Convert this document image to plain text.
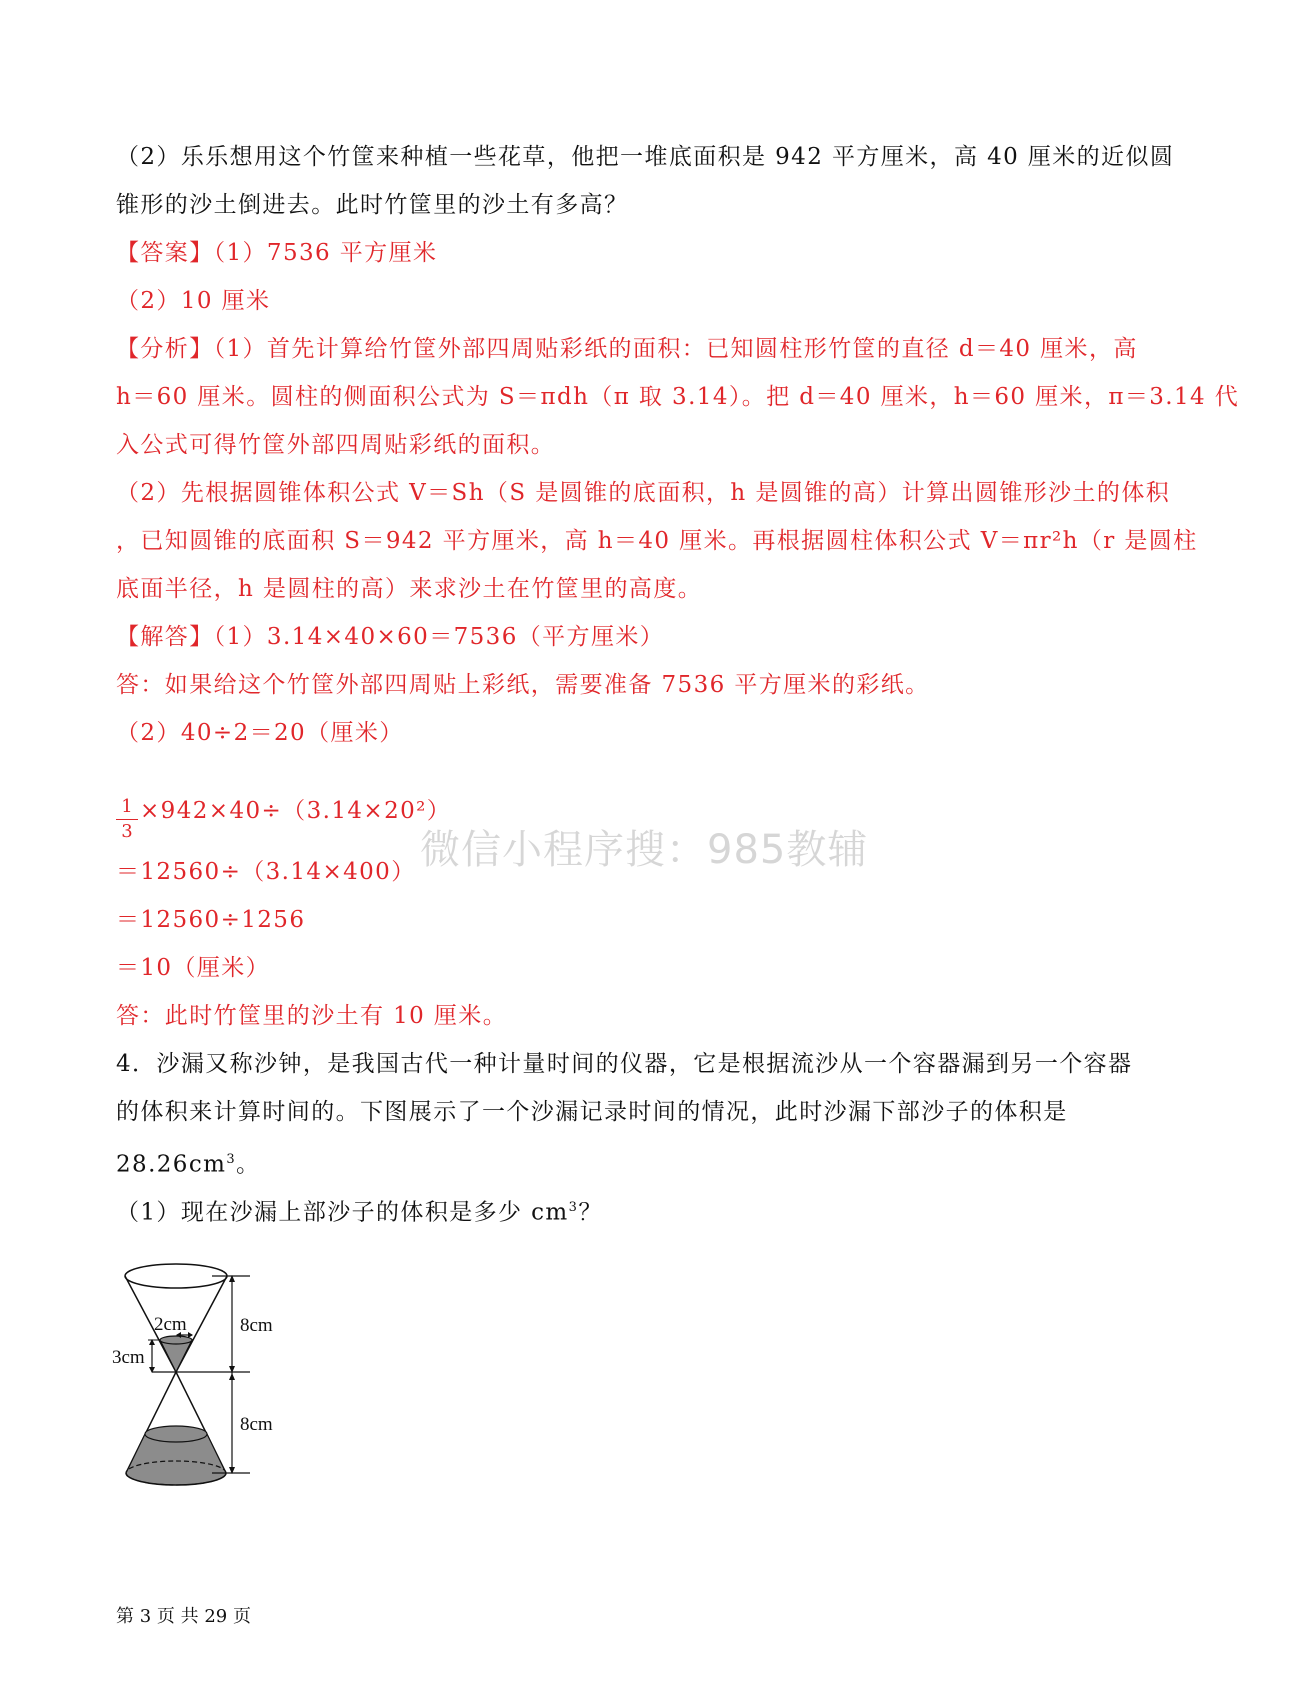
（2）乐乐想用这个竹筐来种植一些花草，他把一堆底面积是 942 平方厘米，高 40 厘米的近似圆
锥形的沙土倒进去。此时竹筐里的沙土有多高？
【答案】（1）7536 平方厘米
（2）10 厘米
【分析】（1）首先计算给竹筐外部四周贴彩纸的面积：已知圆柱形竹筐的直径 d＝40 厘米，高
h＝60 厘米。圆柱的侧面积公式为 S＝πdh（π 取 3.14）。把 d＝40 厘米，h＝60 厘米，π＝3.14 代
入公式可得竹筐外部四周贴彩纸的面积。
（2）先根据圆锥体积公式 V＝Sh（S 是圆锥的底面积，h 是圆锥的高）计算出圆锥形沙土的体积
，已知圆锥的底面积 S＝942 平方厘米，高 h＝40 厘米。再根据圆柱体积公式 V＝πr²h（r 是圆柱
底面半径，h 是圆柱的高）来求沙土在竹筐里的高度。
【解答】（1）3.14×40×60＝7536（平方厘米）
答：如果给这个竹筐外部四周贴上彩纸，需要准备 7536 平方厘米的彩纸。
（2）40÷2＝20（厘米）
1
3
×942×40÷（3.14×20²）
微信小程序搜：985教辅
＝12560÷（3.14×400）
＝12560÷1256
＝10（厘米）
答：此时竹筐里的沙土有 10 厘米。
4．沙漏又称沙钟，是我国古代一种计量时间的仪器，它是根据流沙从一个容器漏到另一个容器
的体积来计算时间的。下图展示了一个沙漏记录时间的情况，此时沙漏下部沙子的体积是
$28.26cm^3$。
（1）现在沙漏上部沙子的体积是多少 $cm^3$？
2cm
3cm
8cm
8cm
第 3 页 共 29 页
